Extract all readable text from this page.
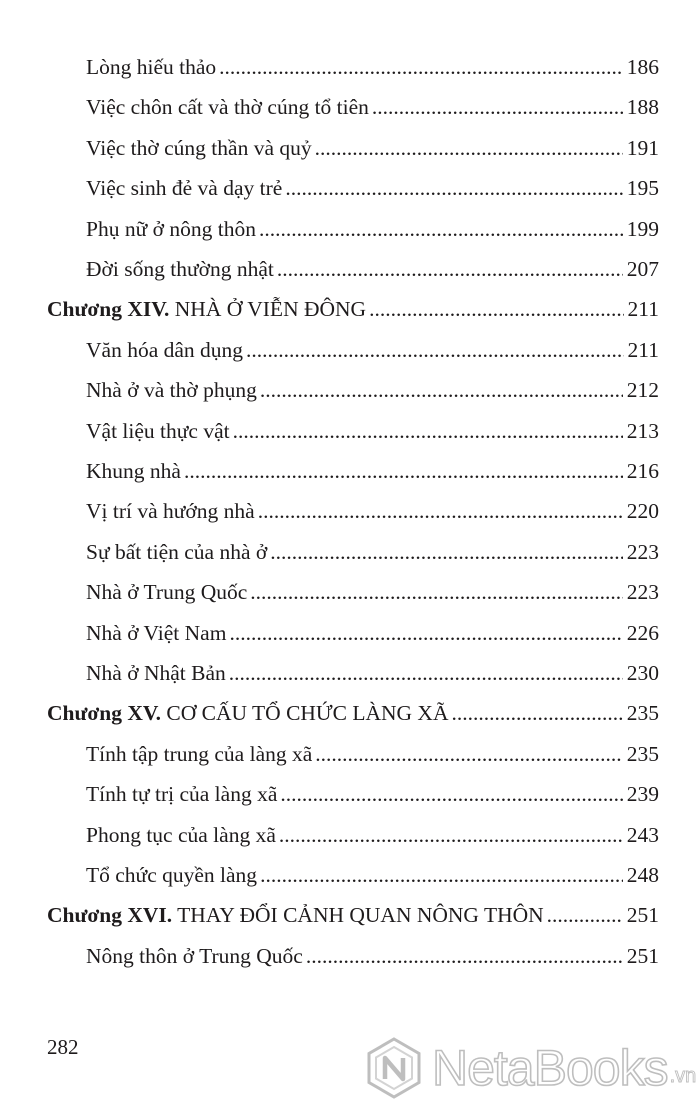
Lòng hiếu thảo .....	186
Việc chôn cất và thờ cúng tổ tiên .....	188
Việc thờ cúng thần và quỷ .....	191
Việc sinh đẻ và dạy trẻ .....	195
Phụ nữ ở nông thôn .....	199
Đời sống thường nhật .....	207
Chương XIV. NHÀ Ở VIỄN ĐÔNG .....	211
Văn hóa dân dụng .....	211
Nhà ở và thờ phụng .....	212
Vật liệu thực vật .....	213
Khung nhà .....	216
Vị trí và hướng nhà .....	220
Sự bất tiện của nhà ở .....	223
Nhà ở Trung Quốc .....	223
Nhà ở Việt Nam .....	226
Nhà ở Nhật Bản .....	230
Chương XV. CƠ CẤU TỔ CHỨC LÀNG XÃ .....	235
Tính tập trung của làng xã .....	235
Tính tự trị của làng xã .....	239
Phong tục của làng xã .....	243
Tổ chức quyền làng .....	248
Chương XVI. THAY ĐỔI CẢNH QUAN NÔNG THÔN .....	251
Nông thôn ở Trung Quốc .....	251
282	NetaBooks .vn
